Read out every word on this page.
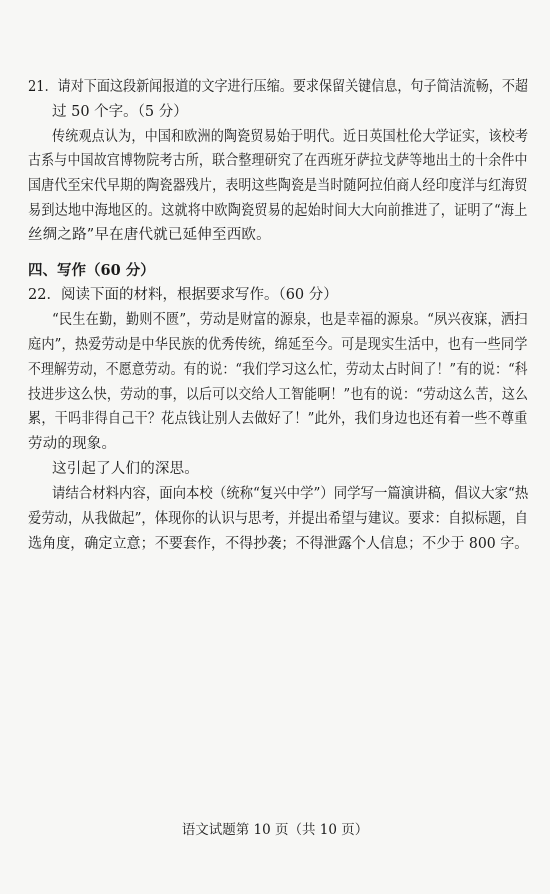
21．请对下面这段新闻报道的文字进行压缩。要求保留关键信息，句子简洁流畅，不超
过 50 个字。（5 分）
传统观点认为，中国和欧洲的陶瓷贸易始于明代。近日英国杜伦大学证实，该校考
古系与中国故宫博物院考古所，联合整理研究了在西班牙萨拉戈萨等地出土的十余件中
国唐代至宋代早期的陶瓷器残片，表明这些陶瓷是当时随阿拉伯商人经印度洋与红海贸
易到达地中海地区的。这就将中欧陶瓷贸易的起始时间大大向前推进了，证明了“海上
丝绸之路”早在唐代就已延伸至西欧。
四、写作（60 分）
22．阅读下面的材料，根据要求写作。（60 分）
“民生在勤，勤则不匮”，劳动是财富的源泉，也是幸福的源泉。“夙兴夜寐，洒扫
庭内”，热爱劳动是中华民族的优秀传统，绵延至今。可是现实生活中，也有一些同学
不理解劳动，不愿意劳动。有的说：“我们学习这么忙，劳动太占时间了！”有的说：“科
技进步这么快，劳动的事，以后可以交给人工智能啊！”也有的说：“劳动这么苦，这么
累，干吗非得自己干？花点钱让别人去做好了！”此外，我们身边也还有着一些不尊重
劳动的现象。
这引起了人们的深思。
请结合材料内容，面向本校（统称“复兴中学”）同学写一篇演讲稿，倡议大家“热
爱劳动，从我做起”，体现你的认识与思考，并提出希望与建议。要求：自拟标题，自
选角度，确定立意；不要套作，不得抄袭；不得泄露个人信息；不少于 800 字。
语文试题第 10 页（共 10 页）
